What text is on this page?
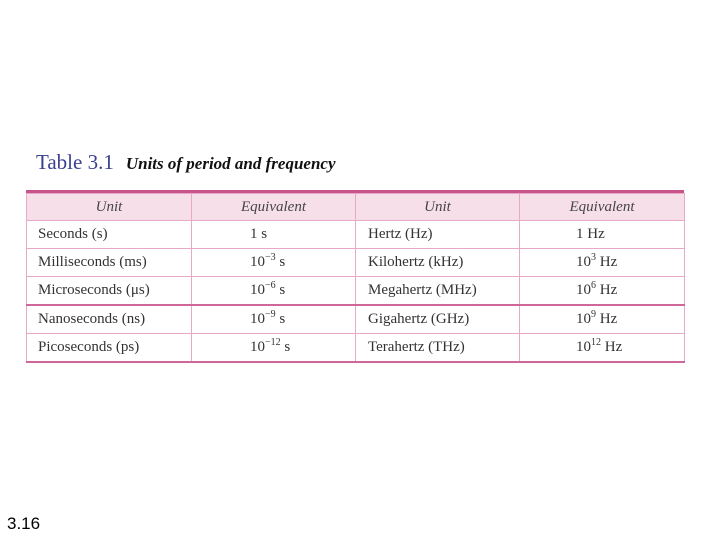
Table 3.1 Units of period and frequency
Unit	Equivalent	Unit	Equivalent
Seconds (s)	1 s	Hertz (Hz)	1 Hz
Milliseconds (ms)	$10^{-3}$ s	Kilohertz (kHz)	$10^3$ Hz
Microseconds (μs)	$10^{-6}$ s	Megahertz (MHz)	$10^6$ Hz
Nanoseconds (ns)	$10^{-9}$ s	Gigahertz (GHz)	$10^9$ Hz
Picoseconds (ps)	$10^{-12}$ s	Terahertz (THz)	$10^{12}$ Hz
3.16
